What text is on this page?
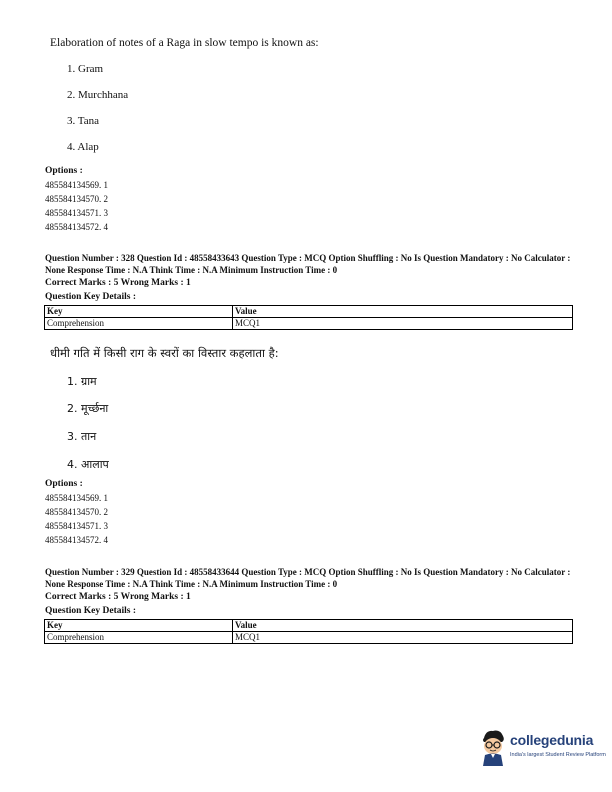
Elaboration of notes of a Raga in slow tempo is known as:
1. Gram
2. Murchhana
3. Tana
4. Alap
Options :
485584134569. 1
485584134570. 2
485584134571. 3
485584134572. 4
Question Number : 328 Question Id : 48558433643 Question Type : MCQ Option Shuffling : No Is Question Mandatory : No Calculator : None Response Time : N.A Think Time : N.A Minimum Instruction Time : 0
Correct Marks : 5 Wrong Marks : 1
Question Key Details :
Key	Value
Comprehension	MCQ1
धीमी गति में किसी राग के स्वरों का विस्तार कहलाता है:
1. ग्राम
2. मूर्च्छना
3. तान
4. आलाप
Options :
485584134569. 1
485584134570. 2
485584134571. 3
485584134572. 4
Question Number : 329 Question Id : 48558433644 Question Type : MCQ Option Shuffling : No Is Question Mandatory : No Calculator : None Response Time : N.A Think Time : N.A Minimum Instruction Time : 0
Correct Marks : 5 Wrong Marks : 1
Question Key Details :
Key	Value
Comprehension	MCQ1
collegedunia
India's largest Student Review Platform
